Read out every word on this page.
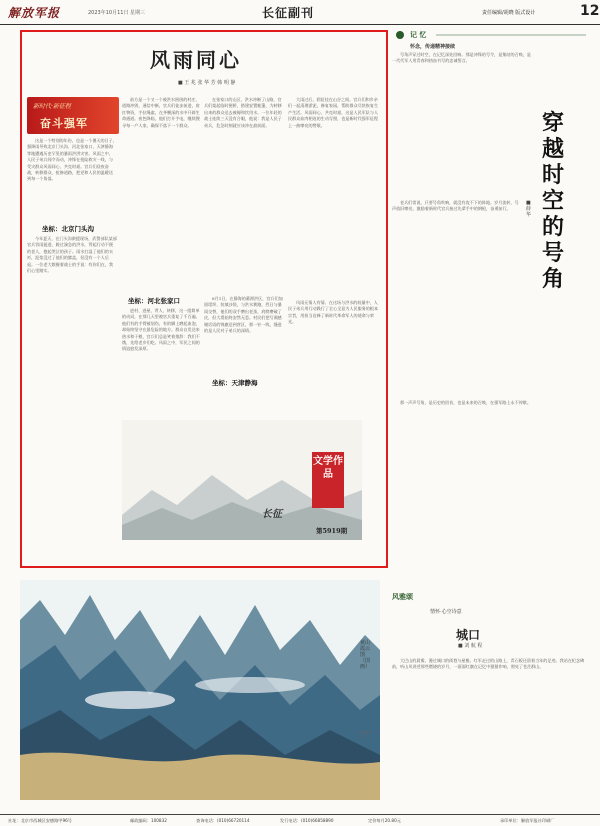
解放军报	2023年10月11日 星期三	长征副刊	责任编辑/胡晓 版式设计	12
风雨同心
■ 王 兆 张 华 芳 韩 明 静
新时代·新征程
奋斗强军

这是一个特别的年份，也是一个暑天的日子，强降雨导致北京门头沟、河北张家口、天津静海等地遭遇历史罕见的暴雨洪涝灾害。风雨之中，人民子弟兵闻令而动，冲锋在抢险救灾一线，与受灾群众风雨同心，共克时艰。官兵们昼夜奋战，转移群众，抢修道路，把党和人民的温暖送到每一个角落。

坐标：北京门头沟

今年夏天，在门头沟救援现场，武警部队某部官兵冒雨挺进，蹚过湍急的洪水，背起行动不便的老人，抱起哭泣的孩子。雨水打湿了他们的衣衫，泥浆没过了他们的膝盖，但没有一个人后退。一位老大娘握着战士的手说：有你们在，我们心里踏实。

前方是一个又一个被洪水围困的村庄，道路冲毁、通信中断，官兵们徒步前进，肩扛物资，手拉绳索，在齐腰深的水中开辟生命通道。夜色降临，他们打开手电，继续搜寻每一户人家，确保不落下一个群众。

坐标：河北张家口

进村、进屋、背人、转移，这一组简单的动词，在那几天里被官兵重复了千百遍。他们有的手臂被划伤，有的脚上磨起血泡，却始终坚守在最危险的地方。群众自发送来热水和干粮，官兵们总是笑着推辞：我们不饿，先给老乡们吃。风雨之中，军民之间的情谊愈发深厚。

在张家口的山区，洪水冲断了山路，官兵们架起临时便桥，搭建安置帐篷，为转移出来的群众送去被褥和饮用水。一位年轻的战士连续三天没有合眼，他说：我是人民子弟兵，危急时刻就应该冲在最前面。

坐标：天津静海

8月1日，在静海的蓄滞洪区，官兵们加固堤坝、装填沙袋，与洪水赛跑。烈日与暴雨交替，他们的双手磨出老茧，肩膀磨破了皮，但大堤始终安然无恙。村民们把写满感谢话语的锦旗送到营区，那一针一线，缝进的是人民对子弟兵的深情。

大雨过后，彩虹挂在山谷之间。官兵们和乡亲们一起清理淤泥，修复家园，帮助群众尽快恢复生产生活。风雨同心，共克时艰，这是人民军队与人民群众血肉相连的生动写照，也是新时代强军征程上一曲嘹亮的赞歌。

风雨无情人有情。在这场与洪水的较量中，人民子弟兵用行动践行了全心全意为人民服务的根本宗旨，用担当诠释了新时代革命军人的使命与荣光。

文学作品
长征
第5919期
黄山霞云图（国画）
谢晓东作
记 忆
怀念，传递精神接续

号角声穿过时空，在记忆深处回响。那是冲锋的号令，是集结的召唤，是一代代军人用青春和热血书写的忠诚誓言。

老兵们常说，只要号角吹响，就没有攻不下的阵地。岁月流转，号声依旧嘹亮，激励着新时代官兵接过先辈手中的钢枪，奋勇前行。

那一声声号角，是历史的回音，也是未来的召唤，在强军路上永不停歇。

穿越时空的号角
■ 薛 华
风雅颂
情怀·心空诗意
城口
■ 刘 航 程

大巴山的晨雾，漫过城口的街巷与屋檐。红军走过的山路上，青石板还留着当年的足迹。我站在纪念碑前，听山风讲述那些燃烧的岁月，一面面红旗在记忆中猎猎作响，照亮了苍茫群山。

社址：北京市西城区安德路甲96号	邮政编码：100832	查询电话：(010)66720114	发行电话：(010)66858890	定价每月20.80元	承印单位：解放军报社印刷厂
